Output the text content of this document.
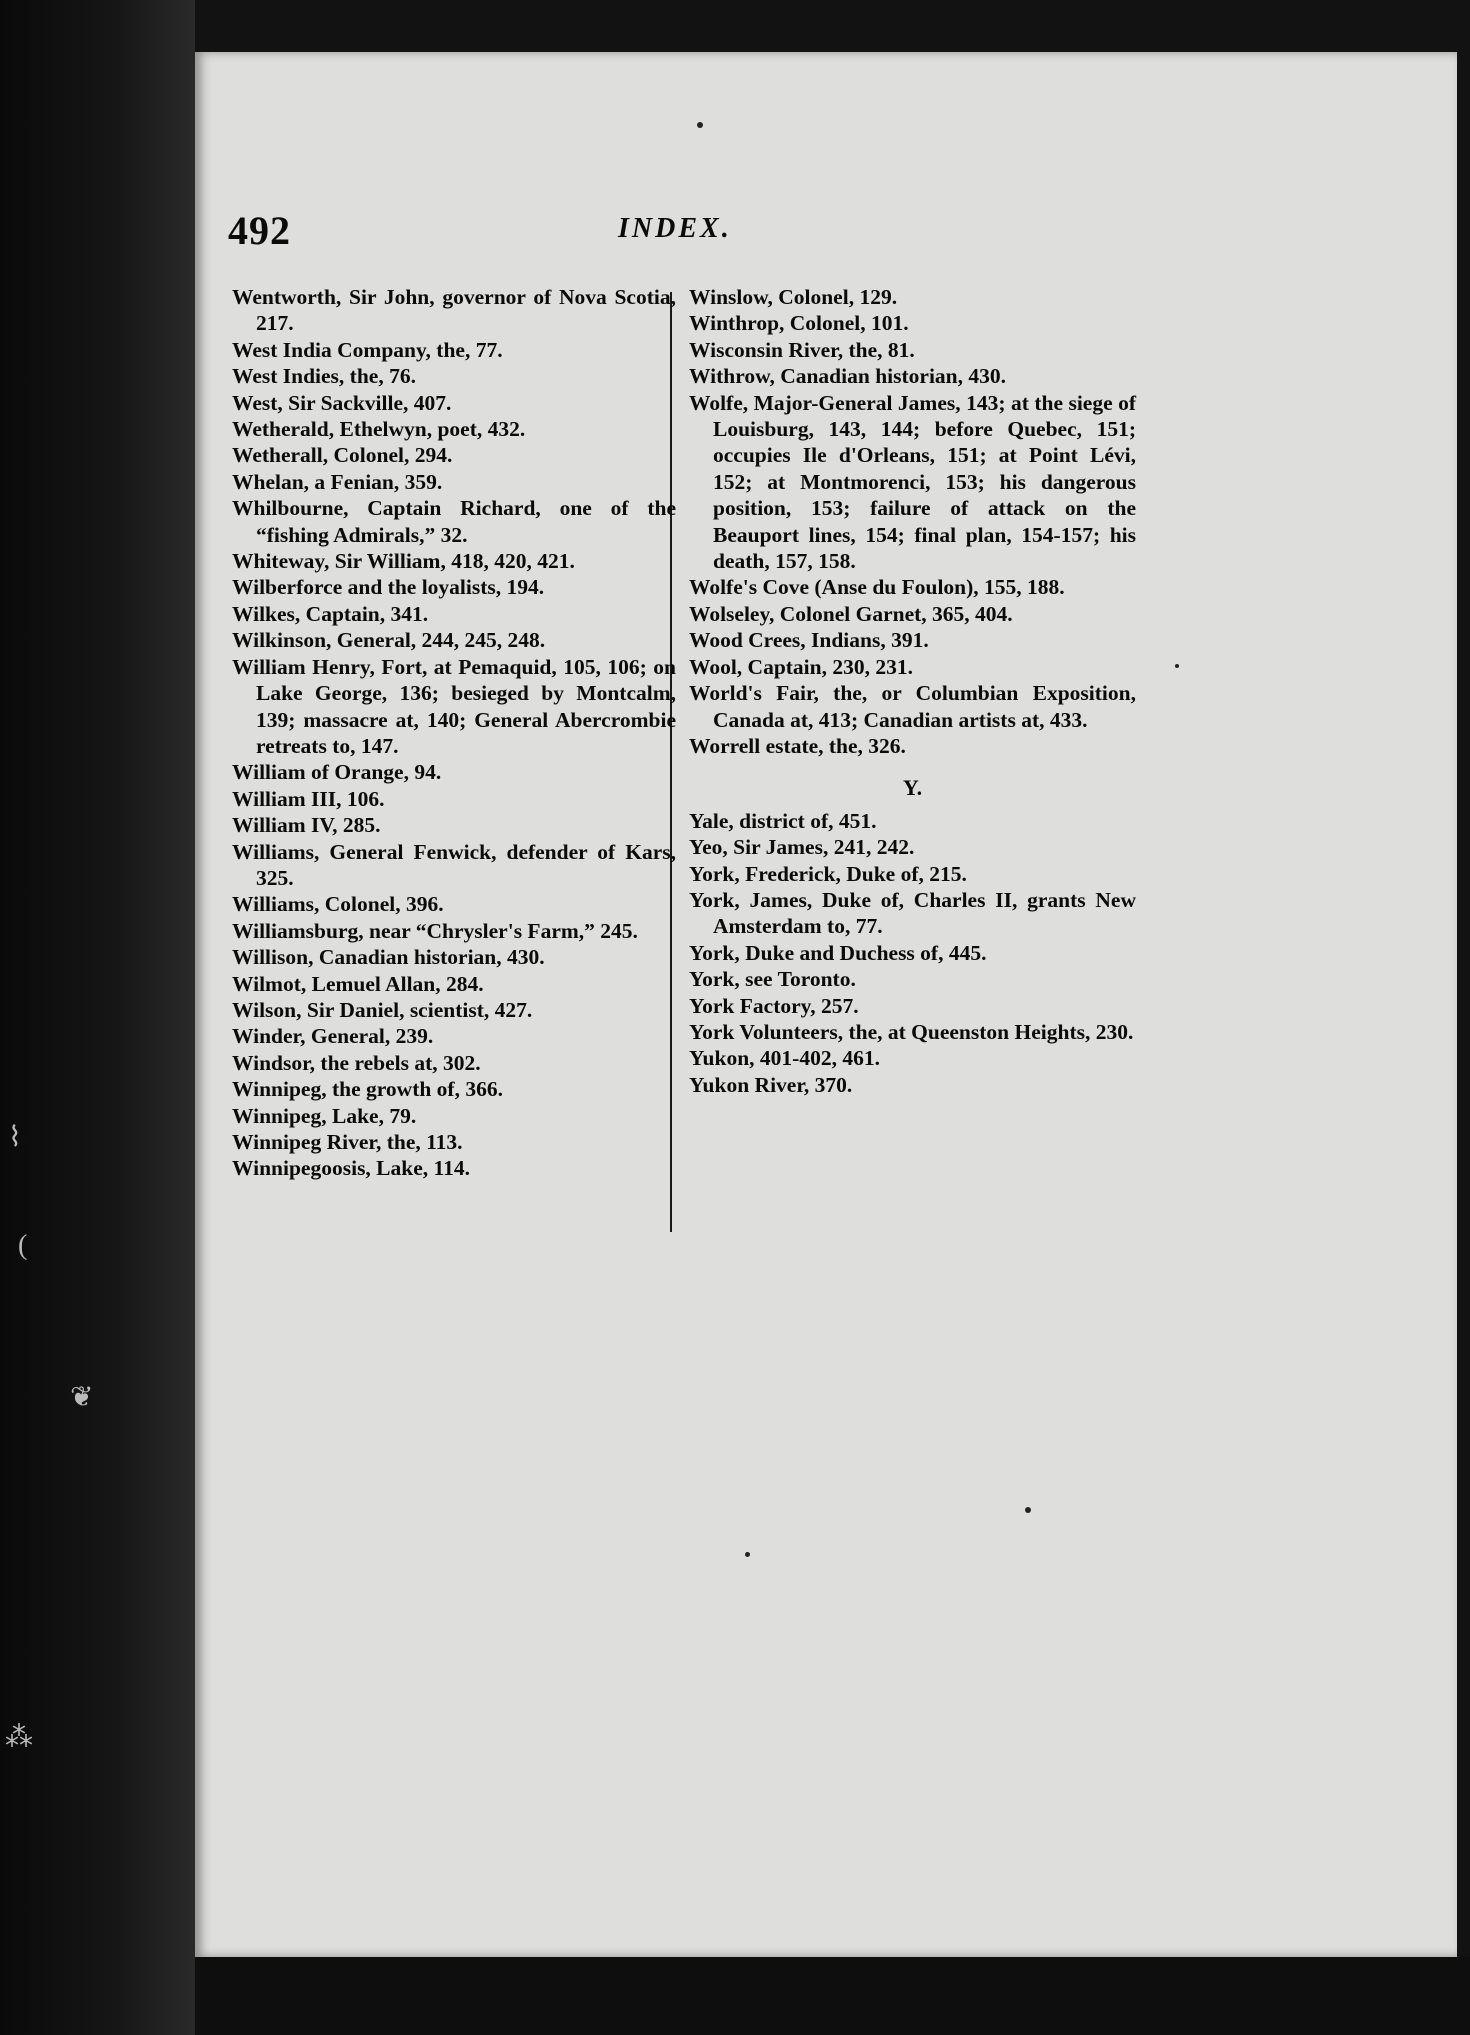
⌇
(
❦
⁂
492	INDEX.

Wentworth, Sir John, governor of Nova Scotia, 217.

West India Company, the, 77.

West Indies, the, 76.

West, Sir Sackville, 407.

Wetherald, Ethelwyn, poet, 432.

Wetherall, Colonel, 294.

Whelan, a Fenian, 359.

Whilbourne, Captain Richard, one of the “fishing Admirals,” 32.

Whiteway, Sir William, 418, 420, 421.

Wilberforce and the loyalists, 194.

Wilkes, Captain, 341.

Wilkinson, General, 244, 245, 248.

William Henry, Fort, at Pemaquid, 105, 106; on Lake George, 136; besieged by Montcalm, 139; massacre at, 140; General Abercrombie retreats to, 147.

William of Orange, 94.

William III, 106.

William IV, 285.

Williams, General Fenwick, defender of Kars, 325.

Williams, Colonel, 396.

Williamsburg, near “Chrysler's Farm,” 245.

Willison, Canadian historian, 430.

Wilmot, Lemuel Allan, 284.

Wilson, Sir Daniel, scientist, 427.

Winder, General, 239.

Windsor, the rebels at, 302.

Winnipeg, the growth of, 366.

Winnipeg, Lake, 79.

Winnipeg River, the, 113.

Winnipegoosis, Lake, 114.

Winslow, Colonel, 129.

Winthrop, Colonel, 101.

Wisconsin River, the, 81.

Withrow, Canadian historian, 430.

Wolfe, Major-General James, 143; at the siege of Louisburg, 143, 144; before Quebec, 151; occupies Ile d'Orleans, 151; at Point Lévi, 152; at Montmorenci, 153; his dangerous position, 153; failure of attack on the Beauport lines, 154; final plan, 154-157; his death, 157, 158.

Wolfe's Cove (Anse du Foulon), 155, 188.

Wolseley, Colonel Garnet, 365, 404.

Wood Crees, Indians, 391.

Wool, Captain, 230, 231.

World's Fair, the, or Columbian Exposition, Canada at, 413; Canadian artists at, 433.

Worrell estate, the, 326.

Y.

Yale, district of, 451.

Yeo, Sir James, 241, 242.

York, Frederick, Duke of, 215.

York, James, Duke of, Charles II, grants New Amsterdam to, 77.

York, Duke and Duchess of, 445.

York, see Toronto.

York Factory, 257.

York Volunteers, the, at Queenston Heights, 230.

Yukon, 401-402, 461.

Yukon River, 370.
